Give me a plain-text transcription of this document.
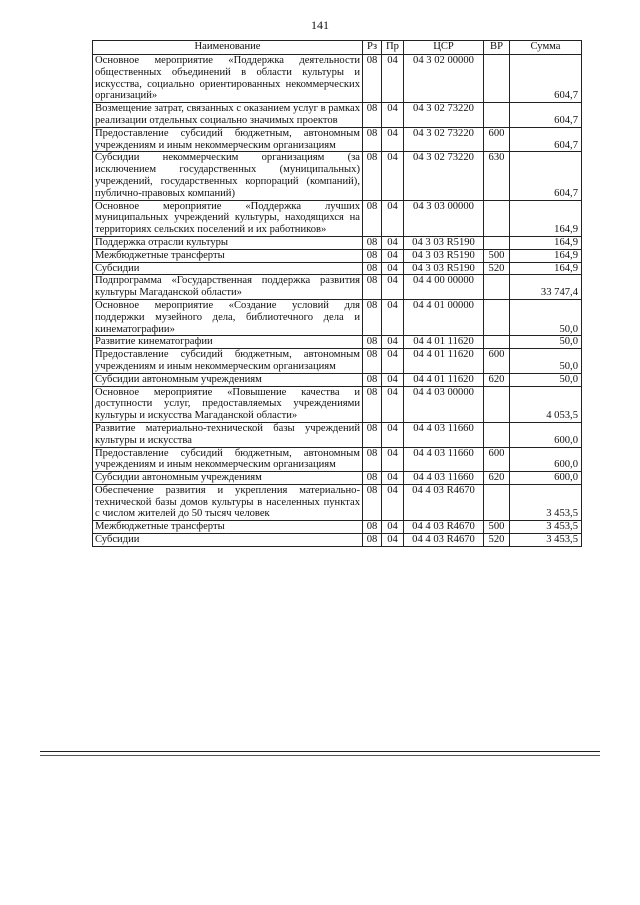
141
Наименование	Рз	Пр	ЦСР	ВР	Сумма
Основное мероприятие «Поддержка деятельности общественных объединений в области культуры и искусства, социально ориентированных некоммерческих организаций»	08	04	04 3 02 00000		604,7
Возмещение затрат, связанных с оказанием услуг в рамках реализации отдельных социально значимых проектов	08	04	04 3 02 73220		604,7
Предоставление субсидий бюджетным, автономным учреждениям и иным некоммерческим организациям	08	04	04 3 02 73220	600	604,7
Субсидии некоммерческим организациям (за исключением государственных (муниципальных) учреждений, государственных корпораций (компаний), публично-правовых компаний)	08	04	04 3 02 73220	630	604,7
Основное мероприятие «Поддержка лучших муниципальных учреждений культуры, находящихся на территориях сельских поселений и их работников»	08	04	04 3 03 00000		164,9
Поддержка отрасли культуры	08	04	04 3 03 R5190		164,9
Межбюджетные трансферты	08	04	04 3 03 R5190	500	164,9
Субсидии	08	04	04 3 03 R5190	520	164,9
Подпрограмма «Государственная поддержка развития культуры Магаданской области»	08	04	04 4 00 00000		33 747,4
Основное мероприятие «Создание условий для поддержки музейного дела, библиотечного дела и кинематографии»	08	04	04 4 01 00000		50,0
Развитие кинематографии	08	04	04 4 01 11620		50,0
Предоставление субсидий бюджетным, автономным учреждениям и иным некоммерческим организациям	08	04	04 4 01 11620	600	50,0
Субсидии автономным учреждениям	08	04	04 4 01 11620	620	50,0
Основное мероприятие «Повышение качества и доступности услуг, предоставляемых учреждениями культуры и искусства Магаданской области»	08	04	04 4 03 00000		4 053,5
Развитие материально-технической базы учреждений культуры и искусства	08	04	04 4 03 11660		600,0
Предоставление субсидий бюджетным, автономным учреждениям и иным некоммерческим организациям	08	04	04 4 03 11660	600	600,0
Субсидии автономным учреждениям	08	04	04 4 03 11660	620	600,0
Обеспечение развития и укрепления материально-технической базы домов культуры в населенных пунктах с числом жителей до 50 тысяч человек	08	04	04 4 03 R4670		3 453,5
Межбюджетные трансферты	08	04	04 4 03 R4670	500	3 453,5
Субсидии	08	04	04 4 03 R4670	520	3 453,5
